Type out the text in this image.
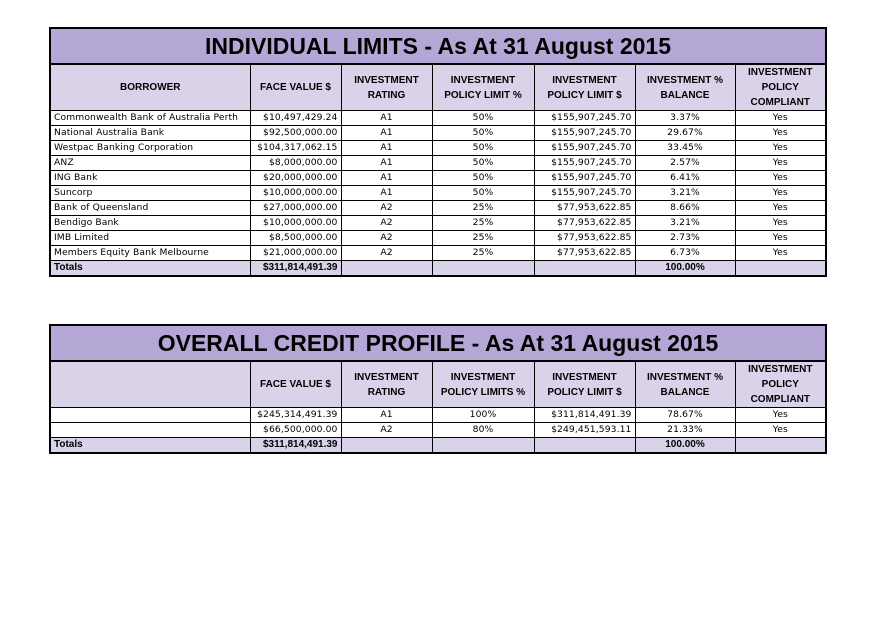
INDIVIDUAL LIMITS - As At 31 August 2015						
BORROWER	FACE VALUE $	INVESTMENT RATING	INVESTMENT POLICY LIMIT %	INVESTMENT POLICY LIMIT $	INVESTMENT % BALANCE	INVESTMENT POLICY COMPLIANT
Commonwealth Bank of Australia Perth	$10,497,429.24	A1	50%	$155,907,245.70	3.37%	Yes
National Australia Bank	$92,500,000.00	A1	50%	$155,907,245.70	29.67%	Yes
Westpac Banking Corporation	$104,317,062.15	A1	50%	$155,907,245.70	33.45%	Yes
ANZ	$8,000,000.00	A1	50%	$155,907,245.70	2.57%	Yes
ING Bank	$20,000,000.00	A1	50%	$155,907,245.70	6.41%	Yes
Suncorp	$10,000,000.00	A1	50%	$155,907,245.70	3.21%	Yes
Bank of Queensland	$27,000,000.00	A2	25%	$77,953,622.85	8.66%	Yes
Bendigo Bank	$10,000,000.00	A2	25%	$77,953,622.85	3.21%	Yes
IMB Limited	$8,500,000.00	A2	25%	$77,953,622.85	2.73%	Yes
Members Equity Bank Melbourne	$21,000,000.00	A2	25%	$77,953,622.85	6.73%	Yes
Totals	$311,814,491.39				100.00%	
OVERALL CREDIT PROFILE - As At 31 August 2015						
	FACE VALUE $	INVESTMENT RATING	INVESTMENT POLICY LIMITS %	INVESTMENT POLICY LIMIT $	INVESTMENT % BALANCE	INVESTMENT POLICY COMPLIANT
	$245,314,491.39	A1	100%	$311,814,491.39	78.67%	Yes
	$66,500,000.00	A2	80%	$249,451,593.11	21.33%	Yes
Totals	$311,814,491.39				100.00%	
